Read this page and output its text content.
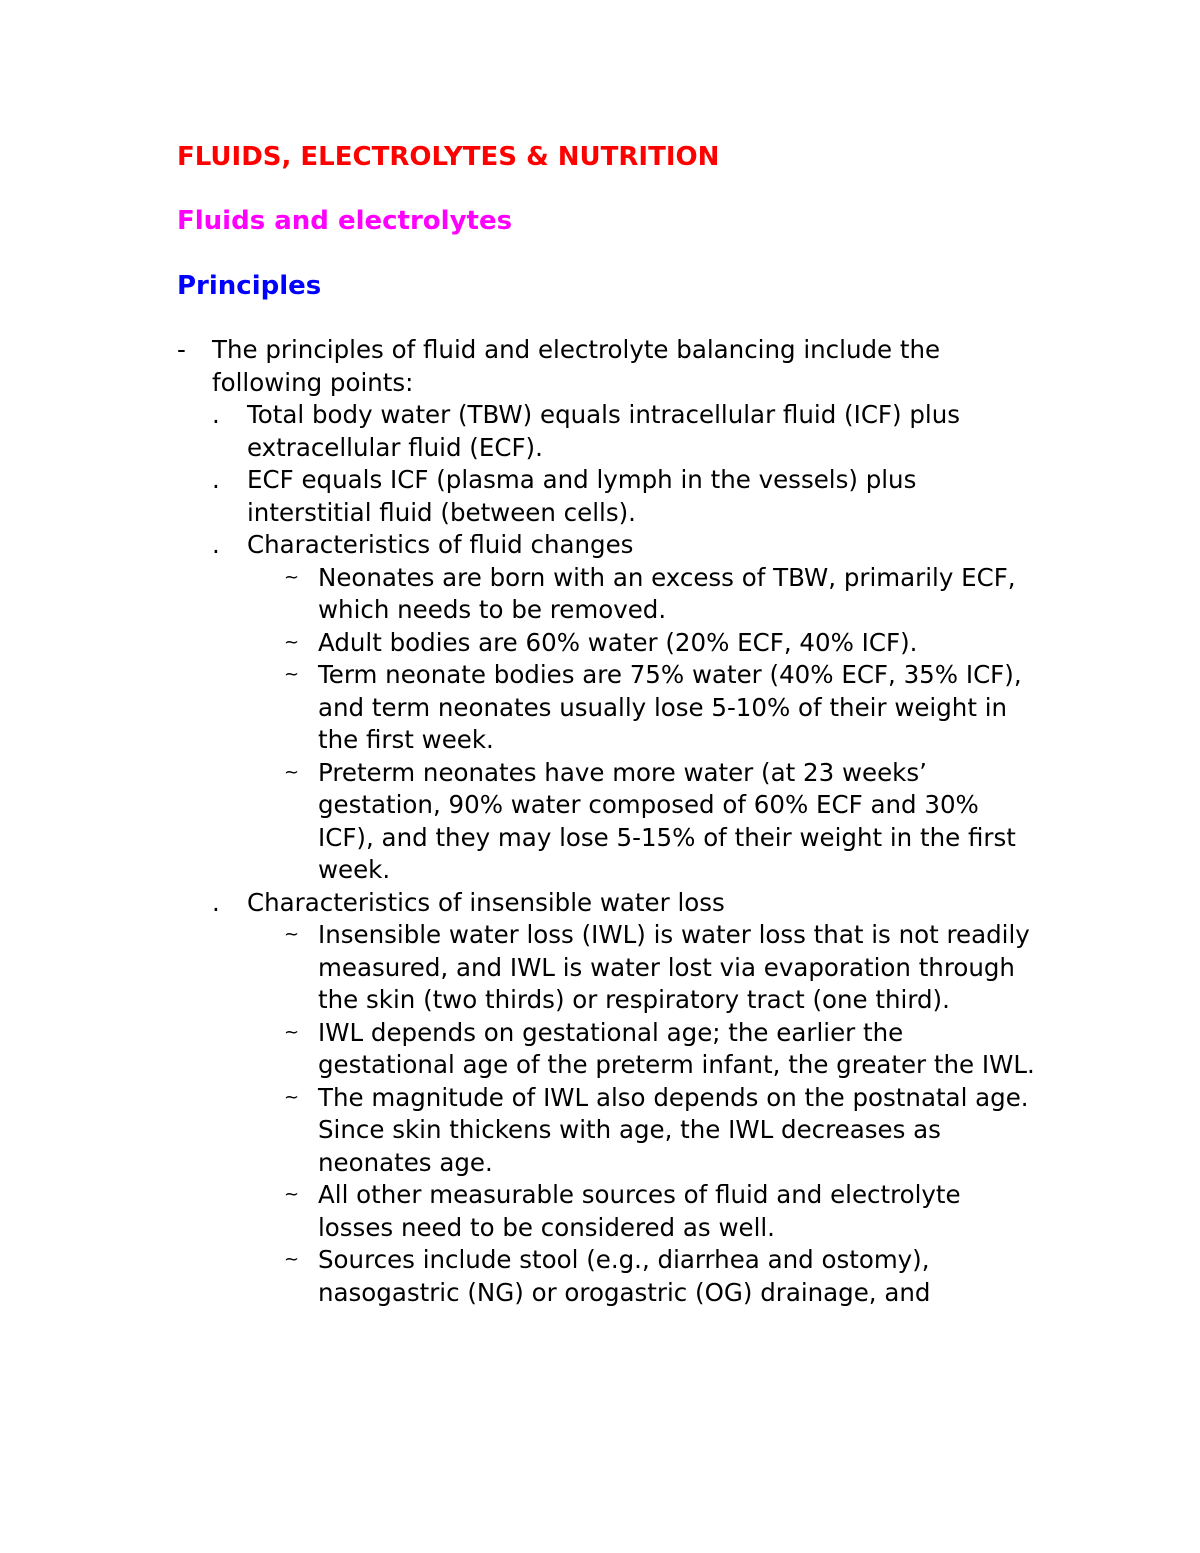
FLUIDS, ELECTROLYTES & NUTRITION
Fluids and electrolytes
Principles
- The principles of fluid and electrolyte balancing include the following points:
. Total body water (TBW) equals intracellular fluid (ICF) plus extracellular fluid (ECF).
. ECF equals ICF (plasma and lymph in the vessels) plus interstitial fluid (between cells).
. Characteristics of fluid changes
~ Neonates are born with an excess of TBW, primarily ECF, which needs to be removed.
~ Adult bodies are 60% water (20% ECF, 40% ICF).
~ Term neonate bodies are 75% water (40% ECF, 35% ICF), and term neonates usually lose 5-10% of their weight in the first week.
~ Preterm neonates have more water (at 23 weeks’ gestation, 90% water composed of 60% ECF and 30% ICF), and they may lose 5-15% of their weight in the first week.
. Characteristics of insensible water loss
~ Insensible water loss (IWL) is water loss that is not readily measured, and IWL is water lost via evaporation through the skin (two thirds) or respiratory tract (one third).
~ IWL depends on gestational age; the earlier the gestational age of the preterm infant, the greater the IWL.
~ The magnitude of IWL also depends on the postnatal age. Since skin thickens with age, the IWL decreases as neonates age.
~ All other measurable sources of fluid and electrolyte losses need to be considered as well.
~ Sources include stool (e.g., diarrhea and ostomy), nasogastric (NG) or orogastric (OG) drainage, and
